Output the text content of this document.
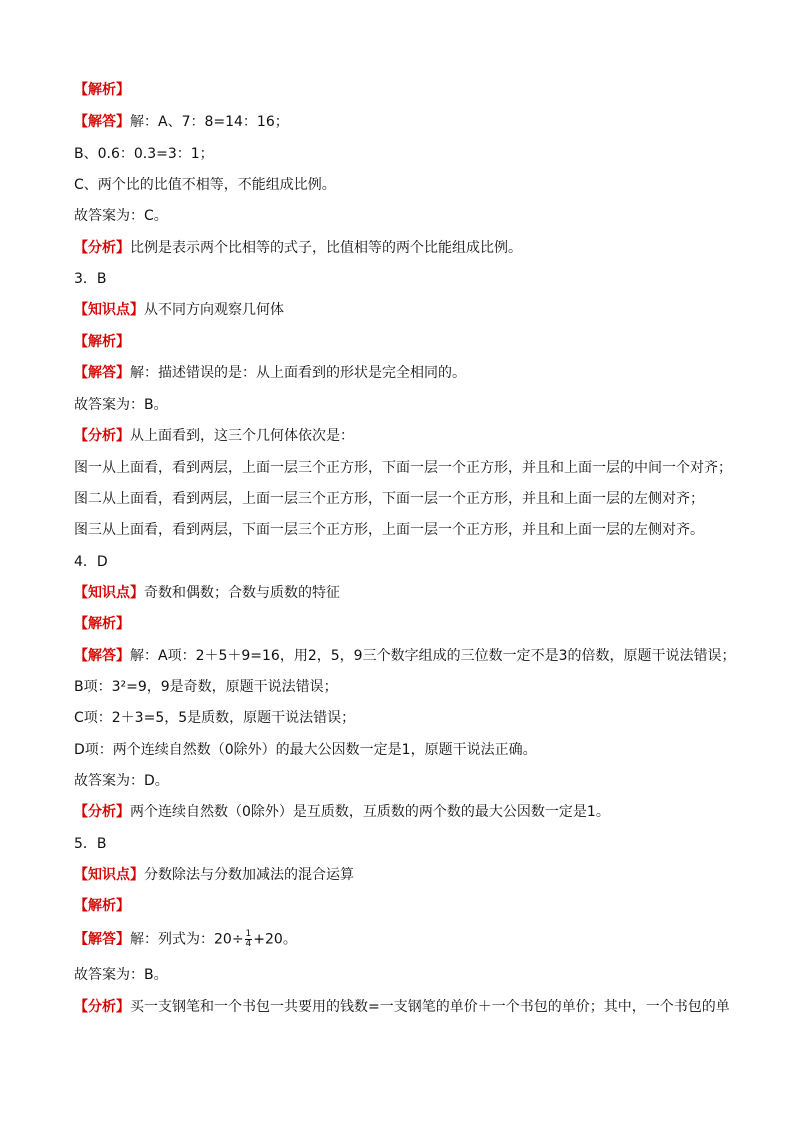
【解析】
【解答】解：A、7：8=14：16；
B、0.6：0.3=3：1；
C、两个比的比值不相等，不能组成比例。
故答案为：C。
【分析】比例是表示两个比相等的式子，比值相等的两个比能组成比例。
3．B
【知识点】从不同方向观察几何体
【解析】
【解答】解：描述错误的是：从上面看到的形状是完全相同的。
故答案为：B。
【分析】从上面看到，这三个几何体依次是：
图一从上面看，看到两层，上面一层三个正方形，下面一层一个正方形，并且和上面一层的中间一个对齐；
图二从上面看，看到两层，上面一层三个正方形，下面一层一个正方形，并且和上面一层的左侧对齐；
图三从上面看，看到两层，下面一层三个正方形，上面一层一个正方形，并且和上面一层的左侧对齐。
4．D
【知识点】奇数和偶数；合数与质数的特征
【解析】
【解答】解：A项：2＋5＋9=16，用2，5，9三个数字组成的三位数一定不是3的倍数，原题干说法错误；
B项：3²=9，9是奇数，原题干说法错误；
C项：2＋3=5，5是质数，原题干说法错误；
D项：两个连续自然数（0除外）的最大公因数一定是1，原题干说法正确。
故答案为：D。
【分析】两个连续自然数（0除外）是互质数，互质数的两个数的最大公因数一定是1。
5．B
【知识点】分数除法与分数加减法的混合运算
【解析】
【解答】解：列式为：$20\div \frac{1}{4} +20$。
故答案为：B。
【分析】买一支钢笔和一个书包一共要用的钱数=一支钢笔的单价＋一个书包的单价；其中，一个书包的单
